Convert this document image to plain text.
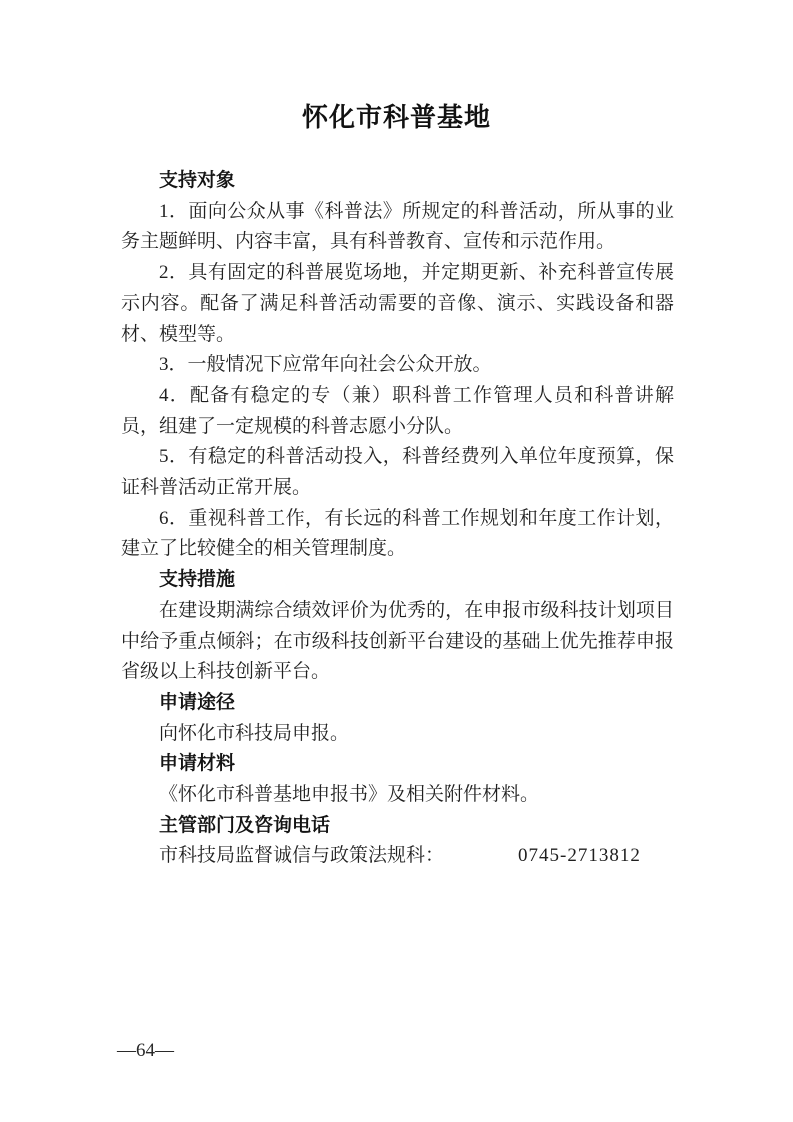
怀化市科普基地
支持对象

1．面向公众从事《科普法》所规定的科普活动，所从事的业务主题鲜明、内容丰富，具有科普教育、宣传和示范作用。

2．具有固定的科普展览场地，并定期更新、补充科普宣传展示内容。配备了满足科普活动需要的音像、演示、实践设备和器材、模型等。

3．一般情况下应常年向社会公众开放。

4．配备有稳定的专（兼）职科普工作管理人员和科普讲解员，组建了一定规模的科普志愿小分队。

5．有稳定的科普活动投入，科普经费列入单位年度预算，保证科普活动正常开展。

6．重视科普工作，有长远的科普工作规划和年度工作计划，建立了比较健全的相关管理制度。

支持措施

在建设期满综合绩效评价为优秀的，在申报市级科技计划项目中给予重点倾斜；在市级科技创新平台建设的基础上优先推荐申报省级以上科技创新平台。

申请途径

向怀化市科技局申报。

申请材料

《怀化市科普基地申报书》及相关附件材料。

主管部门及咨询电话

市科技局监督诚信与政策法规科：	0745-2713812

—64—
